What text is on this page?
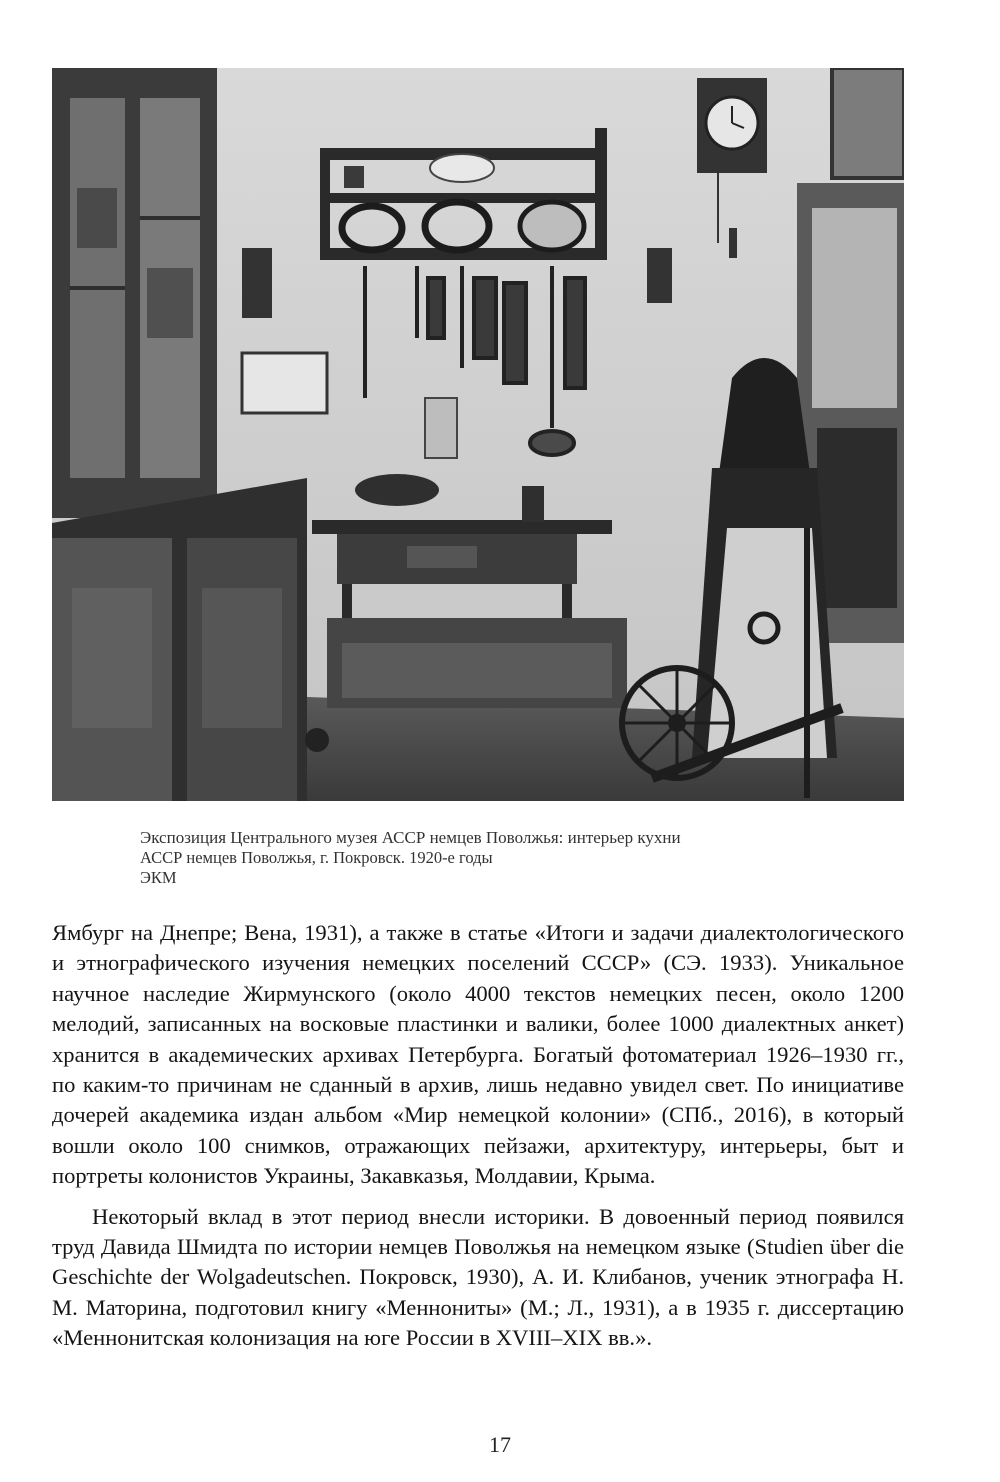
Экспозиция Центрального музея АССР немцев Поволжья: интерьер кухни
АССР немцев Поволжья, г. Покровск. 1920-е годы
ЭКМ

Ямбург на Днепре; Вена, 1931), а также в статье «Итоги и задачи диалектологического и этнографического изучения немецких поселений СССР» (СЭ. 1933). Уникальное научное наследие Жирмунского (около 4000 текстов немецких песен, около 1200 мелодий, записанных на восковые пластинки и валики, более 1000 диалектных анкет) хранится в академических архивах Петербурга. Богатый фотоматериал 1926–1930 гг., по каким-то причинам не сданный в архив, лишь недавно увидел свет. По инициативе дочерей академика издан альбом «Мир немецкой колонии» (СПб., 2016), в который вошли около 100 снимков, отражающих пейзажи, архитектуру, интерьеры, быт и портреты колонистов Украины, Закавказья, Молдавии, Крыма.

Некоторый вклад в этот период внесли историки. В довоенный период появился труд Давида Шмидта по истории немцев Поволжья на немецком языке (Studien über die Geschichte der Wolgadeutschen. Покровск, 1930), А. И. Клибанов, ученик этнографа Н. М. Маторина, подготовил книгу «Меннониты» (М.; Л., 1931), а в 1935 г. диссертацию «Меннонитская колонизация на юге России в XVIII–XIX вв.».

17
